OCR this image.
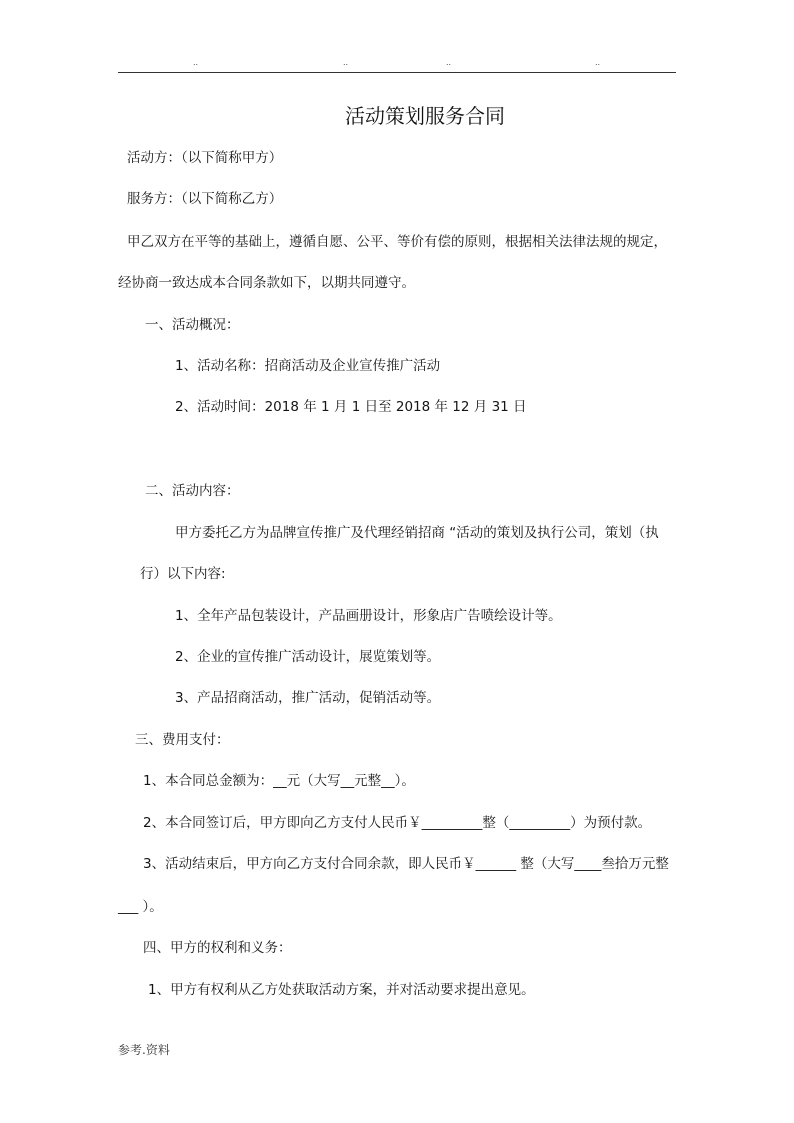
..	..	..	..
活动策划服务合同
活动方：（以下简称甲方）
服务方：（以下简称乙方）
甲乙双方在平等的基础上，遵循自愿、公平、等价有偿的原则，根据相关法律法规的规定，
经协商一致达成本合同条款如下，以期共同遵守。
一、活动概况：
1、活动名称：招商活动及企业宣传推广活动
2、活动时间：2018 年 1 月 1 日至 2018 年 12 月 31 日
二、活动内容：
甲方委托乙方为品牌宣传推广及代理经销招商 “活动的策划及执行公司，策划（执
行）以下内容:
1、全年产品包装设计，产品画册设计，形象店广告喷绘设计等。
2、企业的宣传推广活动设计，展览策划等。
3、产品招商活动，推广活动，促销活动等。
三、费用支付：
1、本合同总金额为：__元（大写__元整__）。
2、本合同签订后，甲方即向乙方支付人民币￥_________整（_________）为预付款。
3、活动结束后，甲方向乙方支付合同余款，即人民币￥______ 整（大写____叁拾万元整
___ ）。
四、甲方的权利和义务：
1、甲方有权利从乙方处获取活动方案，并对活动要求提出意见。
参考.资料
